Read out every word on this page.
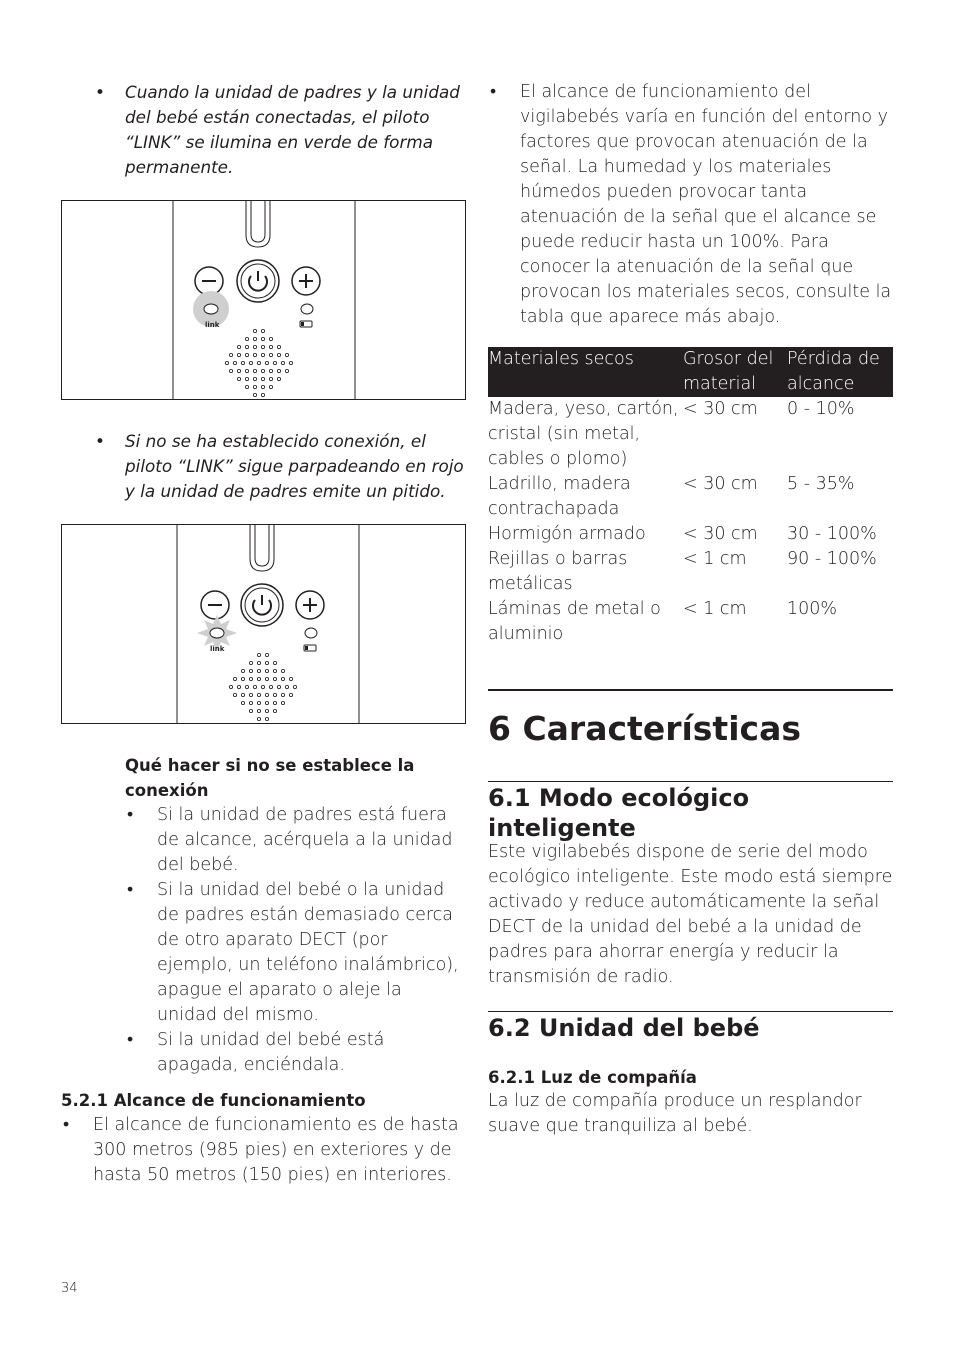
• Cuando la unidad de padres y la unidad del bebé están conectadas, el piloto “LINK” se ilumina en verde de forma permanente.
link
• Si no se ha establecido conexión, el piloto “LINK” sigue parpadeando en rojo y la unidad de padres emite un pitido.
link
Qué hacer si no se establece la conexión
• Si la unidad de padres está fuera de alcance, acérquela a la unidad del bebé.
• Si la unidad del bebé o la unidad de padres están demasiado cerca de otro aparato DECT (por ejemplo, un teléfono inalámbrico), apague el aparato o aleje la unidad del mismo.
• Si la unidad del bebé está apagada, enciéndala.
5.2.1 Alcance de funcionamiento
• El alcance de funcionamiento es de hasta 300 metros (985 pies) en exteriores y de hasta 50 metros (150 pies) en interiores.
• El alcance de funcionamiento del vigilabebés varía en función del entorno y factores que provocan atenuación de la señal. La humedad y los materiales húmedos pueden provocar tanta atenuación de la señal que el alcance se puede reducir hasta un 100%. Para conocer la atenuación de la señal que provocan los materiales secos, consulte la tabla que aparece más abajo.
Materiales secos	Grosor del material	Pérdida de alcance
Madera, yeso, cartón, cristal (sin metal, cables o plomo)	< 30 cm	0 - 10%
Ladrillo, madera contrachapada	< 30 cm	5 - 35%
Hormigón armado	< 30 cm	30 - 100%
Rejillas o barras metálicas	< 1 cm	90 - 100%
Láminas de metal o aluminio	< 1 cm	100%
6 Características
6.1 Modo ecológico inteligente

Este vigilabebés dispone de serie del modo ecológico inteligente. Este modo está siempre activado y reduce automáticamente la señal DECT de la unidad del bebé a la unidad de padres para ahorrar energía y reducir la transmisión de radio.

6.2 Unidad del bebé
6.2.1 Luz de compañía

La luz de compañía produce un resplandor suave que tranquiliza al bebé.

34
